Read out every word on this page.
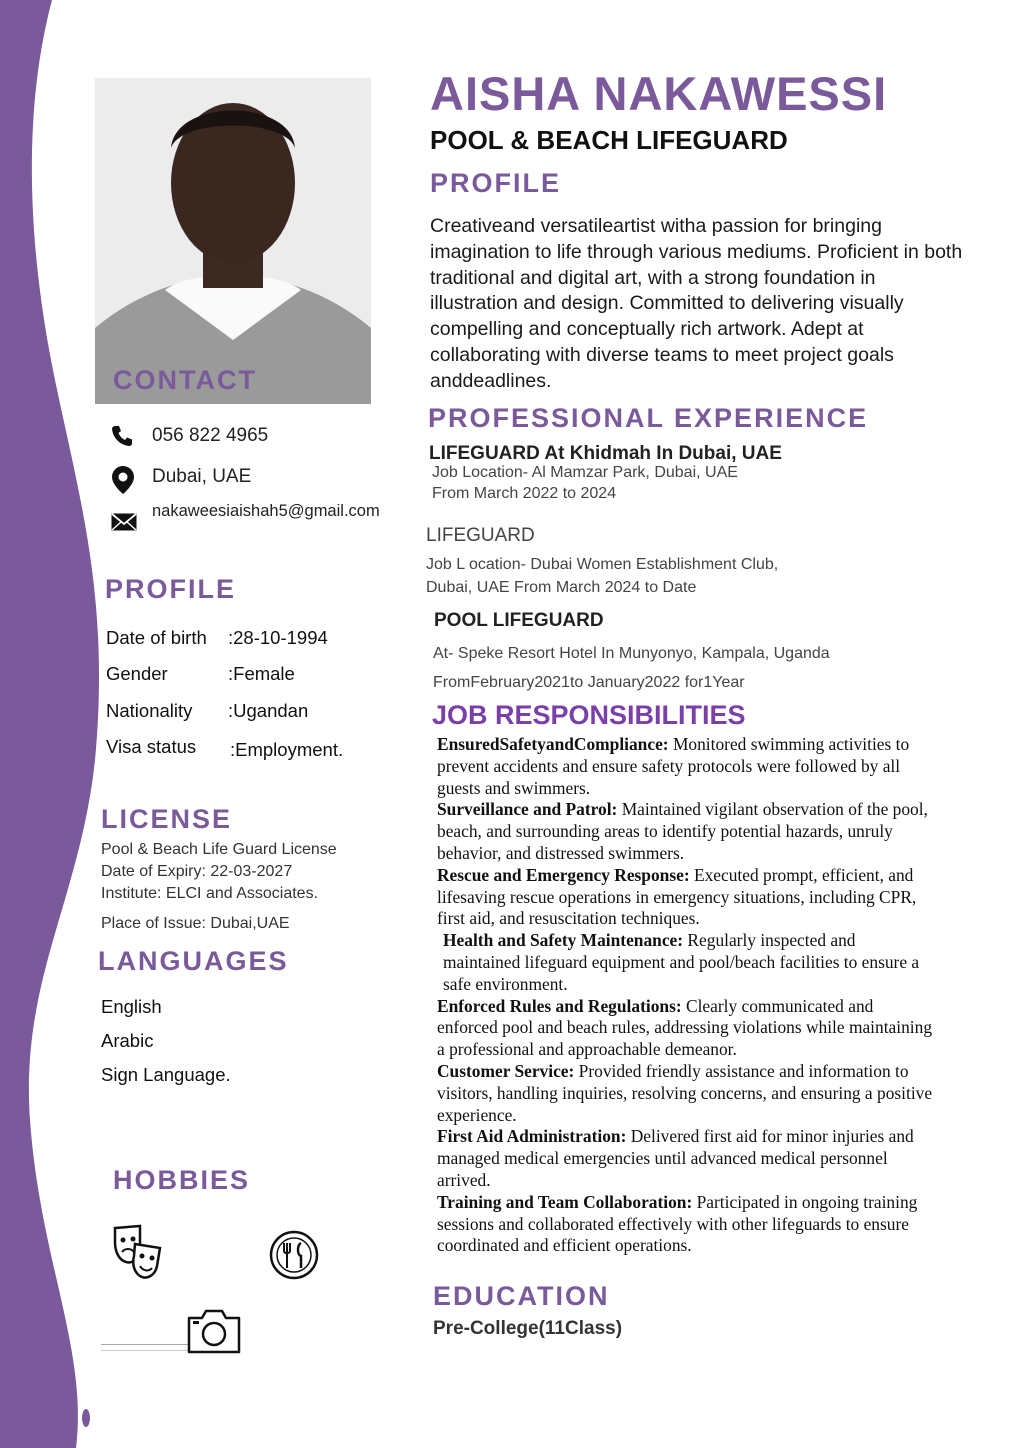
CONTACT
056 822 4965
Dubai, UAE
nakaweesiaishah5@gmail.com
PROFILE
Date of birth :28-10-1994
Gender	:Female
Nationality :Ugandan
Visa status :Employment.
LICENSE
Pool & Beach Life Guard License
Date of Expiry: 22-03-2027
Institute: ELCI and Associates.
Place of Issue: Dubai,UAE
LANGUAGES
English
Arabic
Sign Language.
HOBBIES
AISHA NAKAWESSI
POOL & BEACH LIFEGUARD
PROFILE
Creativeand versatileartist witha passion for bringing imagination to life through various mediums. Proficient in both traditional and digital art, with a strong foundation in illustration and design. Committed to delivering visually compelling and conceptually rich artwork. Adept at collaborating with diverse teams to meet project goals anddeadlines.
PROFESSIONAL EXPERIENCE
LIFEGUARD At Khidmah In Dubai, UAE
Job Location- Al Mamzar Park, Dubai, UAE
From March 2022 to 2024
LIFEGUARD
Job L ocation- Dubai Women Establishment Club,
Dubai, UAE From March 2024 to Date
POOL LIFEGUARD
At- Speke Resort Hotel In Munyonyo, Kampala, Uganda
FromFebruary2021to January2022 for1Year
JOB RESPONSIBILITIES

EnsuredSafetyandCompliance: Monitored swimming activities to prevent accidents and ensure safety protocols were followed by all guests and swimmers.

Surveillance and Patrol: Maintained vigilant observation of the pool, beach, and surrounding areas to identify potential hazards, unruly behavior, and distressed swimmers.

Rescue and Emergency Response: Executed prompt, efficient, and lifesaving rescue operations in emergency situations, including CPR, first aid, and resuscitation techniques.

Health and Safety Maintenance: Regularly inspected and maintained lifeguard equipment and pool/beach facilities to ensure a safe environment.

Enforced Rules and Regulations: Clearly communicated and enforced pool and beach rules, addressing violations while maintaining a professional and approachable demeanor.

Customer Service: Provided friendly assistance and information to visitors, handling inquiries, resolving concerns, and ensuring a positive experience.

First Aid Administration: Delivered first aid for minor injuries and managed medical emergencies until advanced medical personnel arrived.

Training and Team Collaboration: Participated in ongoing training sessions and collaborated effectively with other lifeguards to ensure coordinated and efficient operations.

EDUCATION
Pre-College(11Class)
